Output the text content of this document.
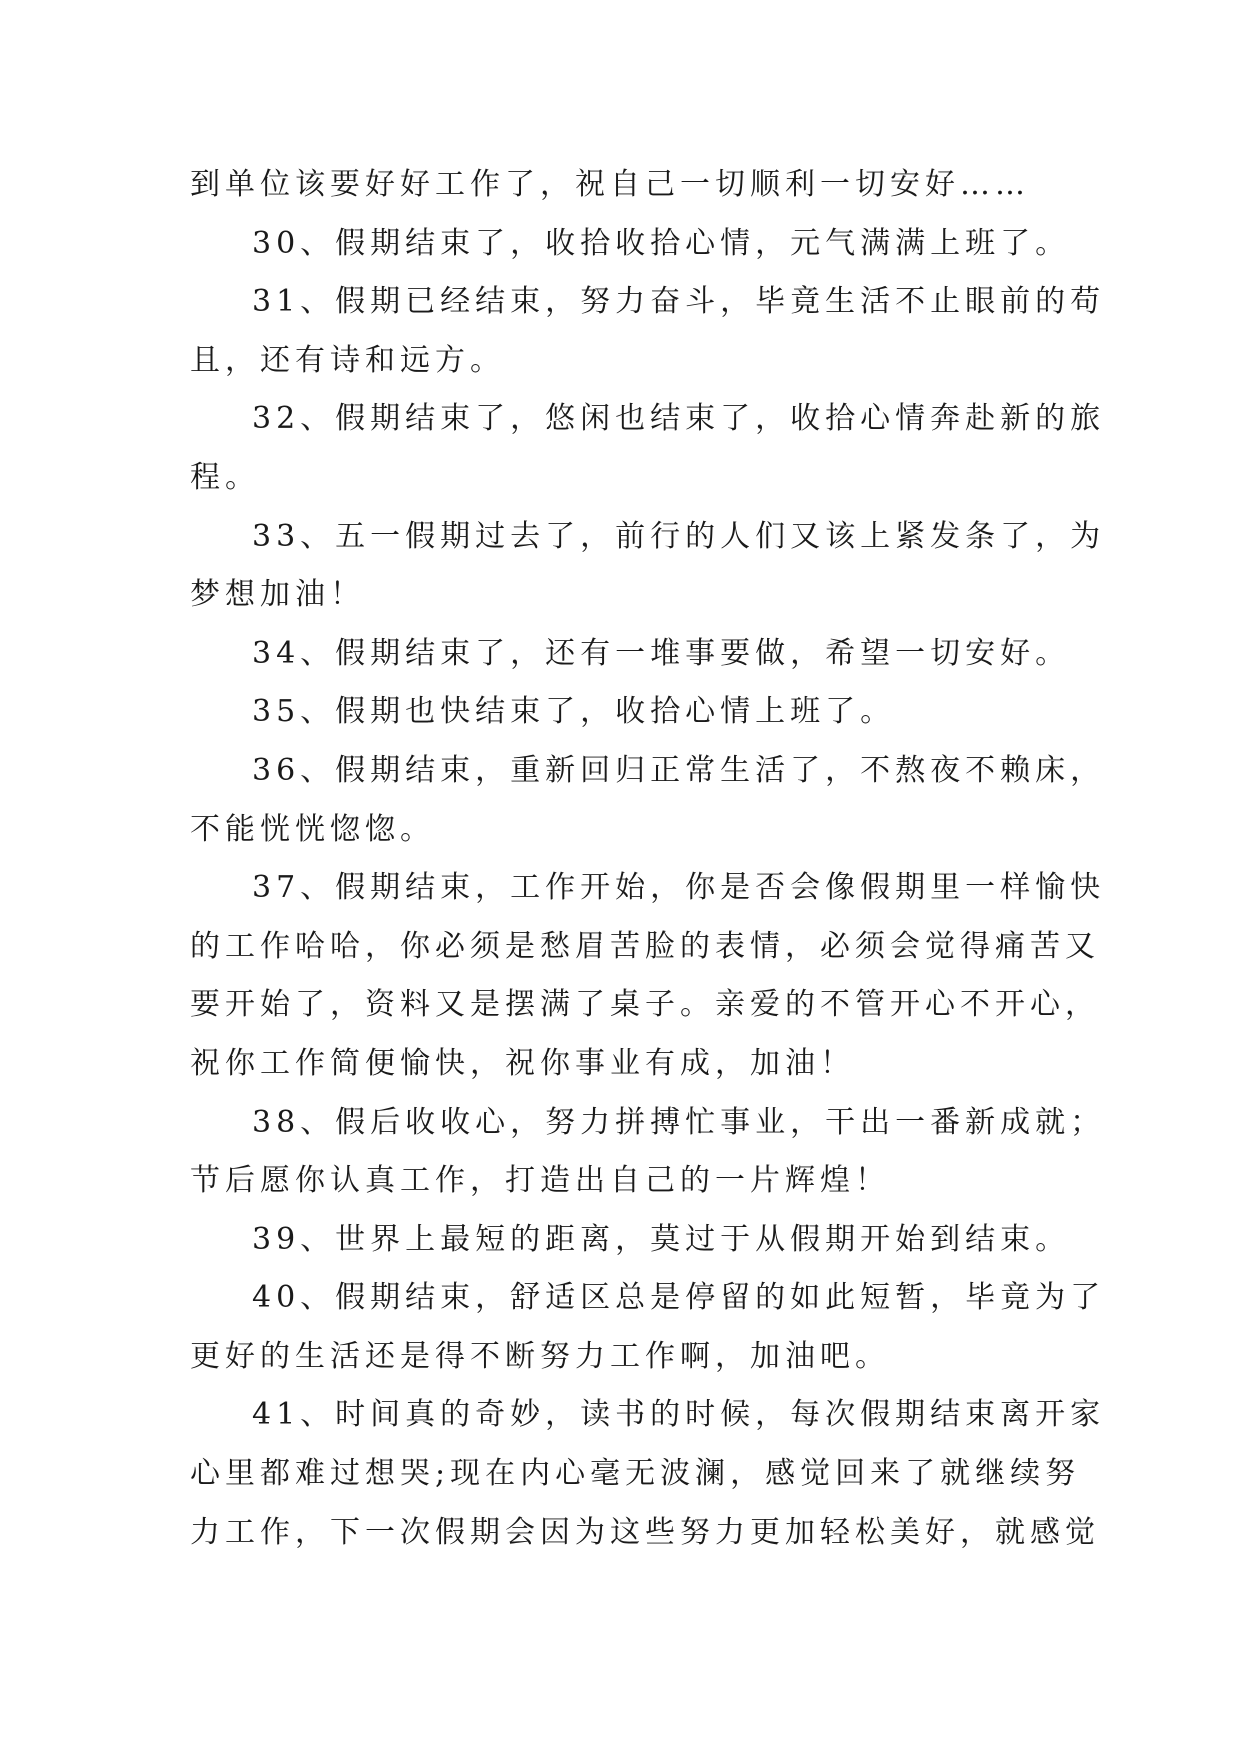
到单位该要好好工作了，祝自己一切顺利一切安好……
30、假期结束了，收拾收拾心情，元气满满上班了。
31、假期已经结束，努力奋斗，毕竟生活不止眼前的苟
且，还有诗和远方。
32、假期结束了，悠闲也结束了，收拾心情奔赴新的旅
程。
33、五一假期过去了，前行的人们又该上紧发条了，为
梦想加油！
34、假期结束了，还有一堆事要做，希望一切安好。
35、假期也快结束了，收拾心情上班了。
36、假期结束，重新回归正常生活了，不熬夜不赖床，
不能恍恍惚惚。
37、假期结束，工作开始，你是否会像假期里一样愉快
的工作哈哈，你必须是愁眉苦脸的表情，必须会觉得痛苦又
要开始了，资料又是摆满了桌子。亲爱的不管开心不开心，
祝你工作简便愉快，祝你事业有成，加油！
38、假后收收心，努力拼搏忙事业，干出一番新成就；
节后愿你认真工作，打造出自己的一片辉煌！
39、世界上最短的距离，莫过于从假期开始到结束。
40、假期结束，舒适区总是停留的如此短暂，毕竟为了
更好的生活还是得不断努力工作啊，加油吧。
41、时间真的奇妙，读书的时候，每次假期结束离开家
心里都难过想哭;现在内心毫无波澜，感觉回来了就继续努
力工作，下一次假期会因为这些努力更加轻松美好，就感觉
